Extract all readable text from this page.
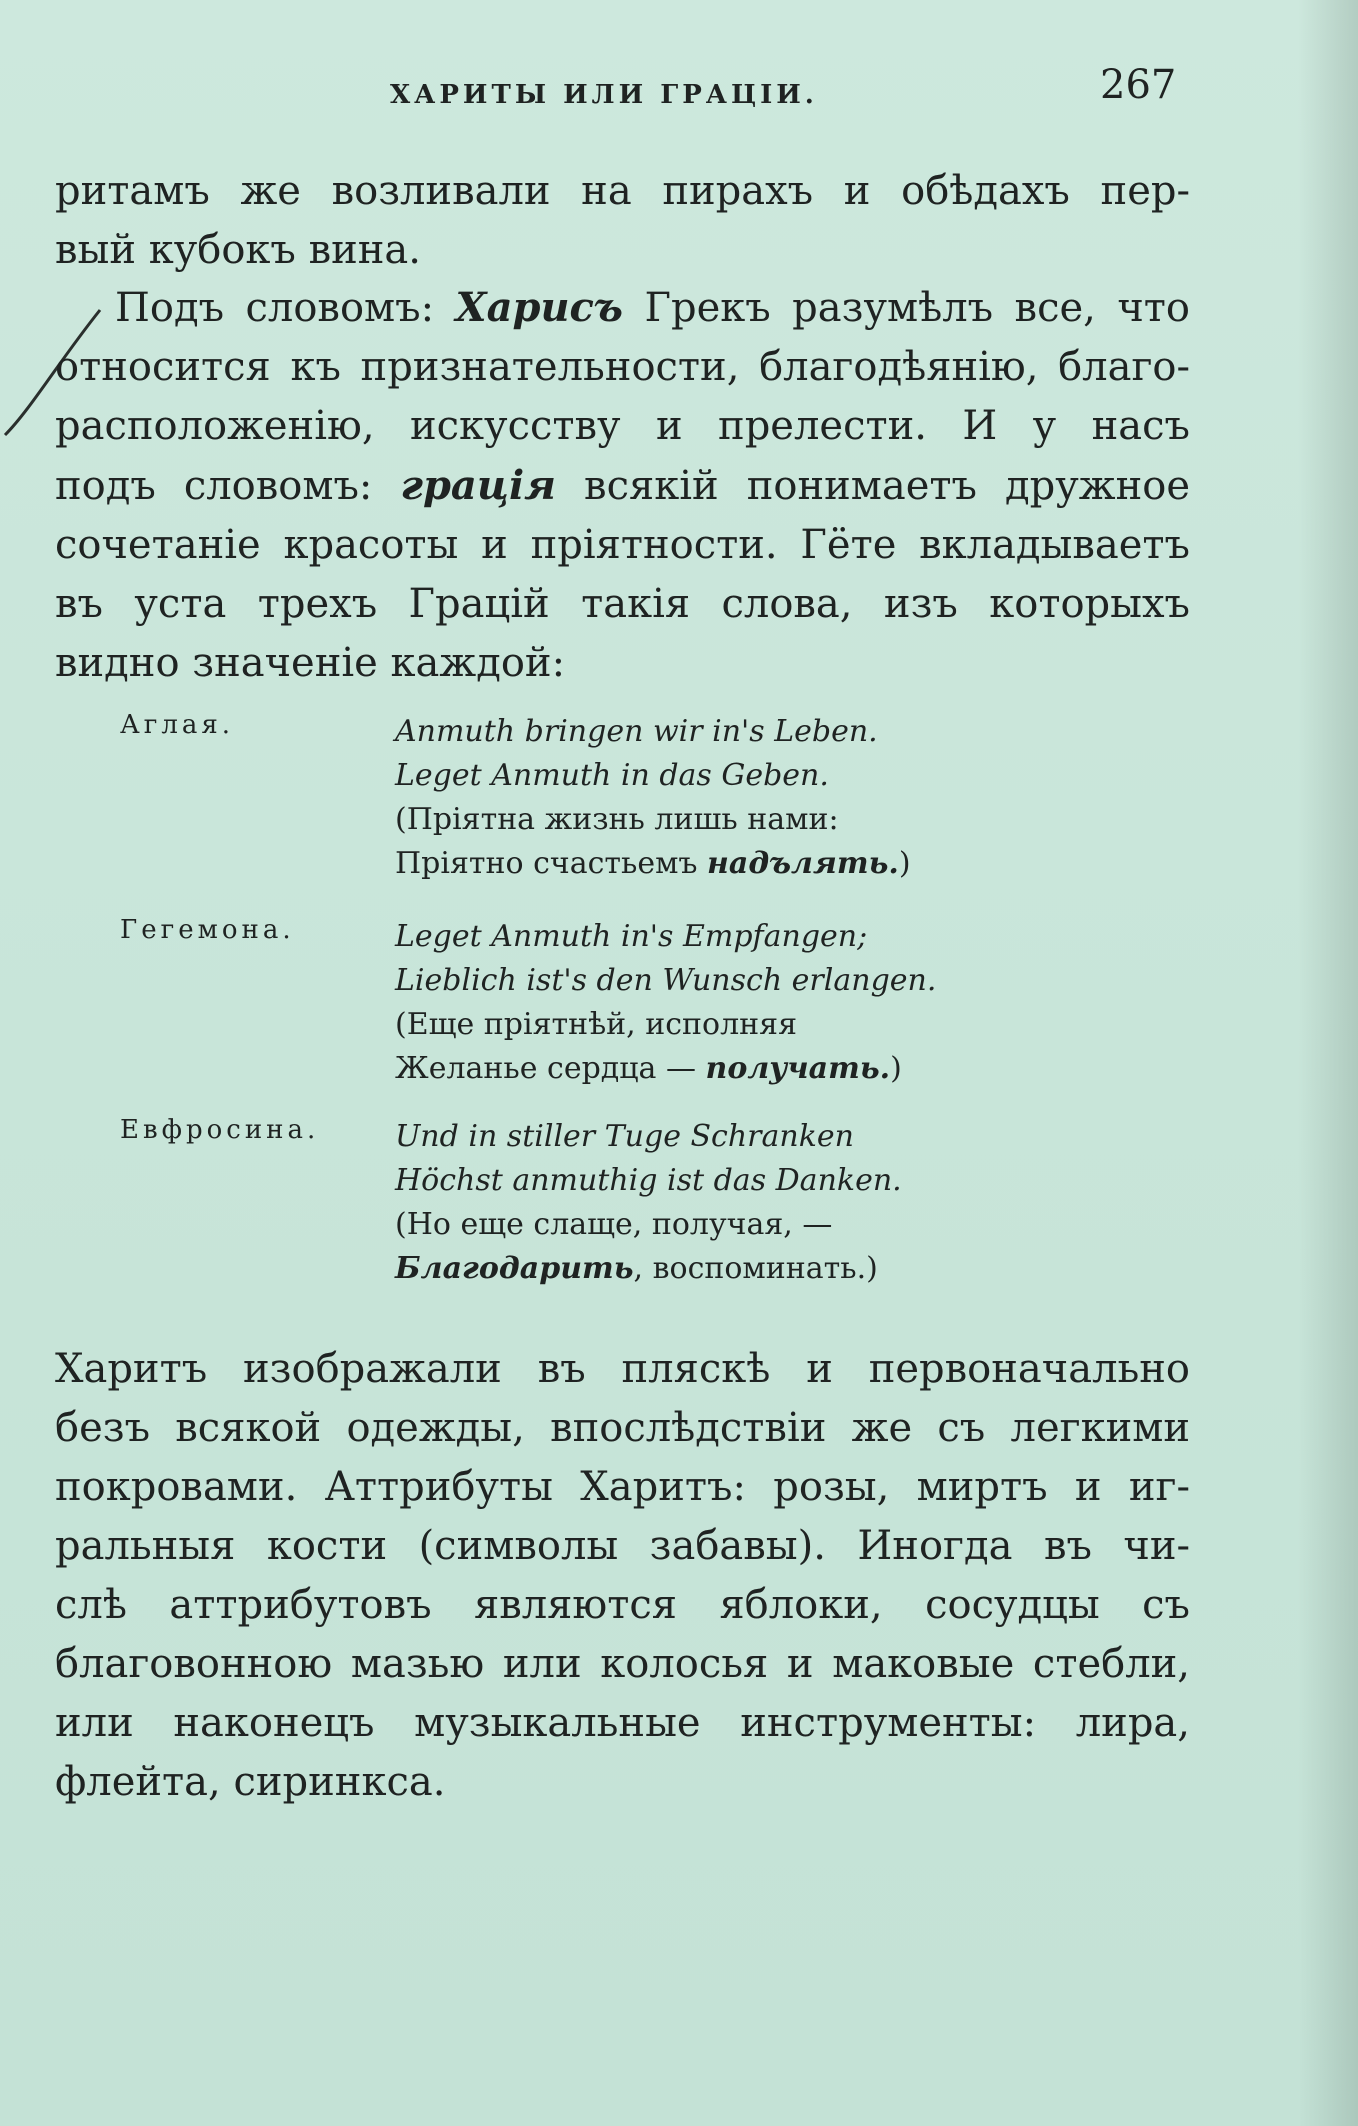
ХАРИТЫ ИЛИ ГРАЦІИ.	267
ритамъ же возливали на пирахъ и обѣдахъ пер-
вый кубокъ вина.
Подъ словомъ: Харисъ Грекъ разумѣлъ все, что
относится къ признательности, благодѣянію, благо-
расположенію, искусству и прелести. И у насъ
подъ словомъ: грація всякій понимаетъ дружное
сочетаніе красоты и пріятности. Гёте вкладываетъ
въ уста трехъ Грацій такія слова, изъ которыхъ
видно значеніе каждой:
Аглая.	Anmuth bringen wir in's Leben.
Leget Anmuth in das Geben.
(Пріятна жизнь лишь нами:
Пріятно счастьемъ надълять.)
Гегемона.	Leget Anmuth in's Empfangen;
Lieblich ist's den Wunsch erlangen.
(Еще пріятнѣй, исполняя
Желанье сердца — получать.)
Евфросина.	Und in stiller Tuge Schranken
Höchst anmuthig ist das Danken.
(Но еще слаще, получая, —
Благодарить, воспоминать.)
Харитъ изображали въ пляскѣ и первоначально
безъ всякой одежды, впослѣдствіи же съ легкими
покровами. Аттрибуты Харитъ: розы, миртъ и иг-
ральныя кости (символы забавы). Иногда въ чи-
слѣ аттрибутовъ являются яблоки, сосудцы съ
благовонною мазью или колосья и маковые стебли,
или наконецъ музыкальные инструменты: лира,
флейта, сиринкса.
